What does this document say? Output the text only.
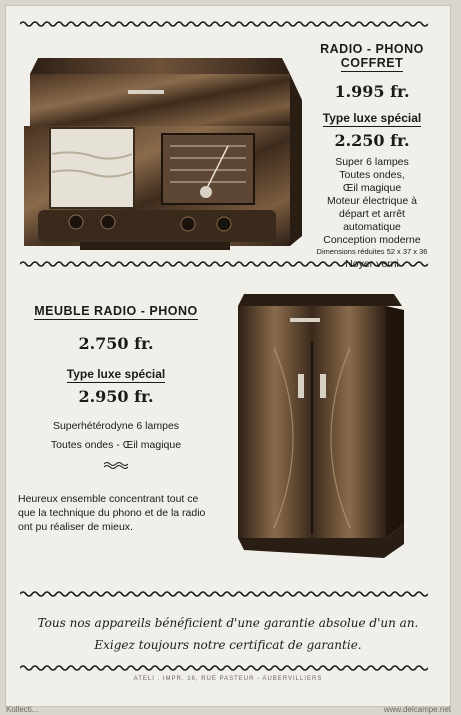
RADIO - PHONO
COFFRET
1.995 fr.
Type luxe spécial
2.250 fr.
Super 6 lampes
Toutes ondes,
Œil magique
Moteur électrique à
départ et arrêt
automatique
Conception moderne
Dimensions réduites 52 x 37 x 36
Noyer verni
MEUBLE RADIO - PHONO
2.750 fr.
Type luxe spécial
2.950 fr.
Superhétérodyne 6 lampes
Toutes ondes - Œil magique
Heureux ensemble concentrant tout ce que la technique du phono et de la radio ont pu réaliser de mieux.
Tous nos appareils bénéficient d'une garantie absolue d'un an.
Exigez toujours notre certificat de garantie.
ATELI . IMPR. 16, RUE PASTEUR - AUBERVILLIERS
Kollecti...	www.delcampe.net
